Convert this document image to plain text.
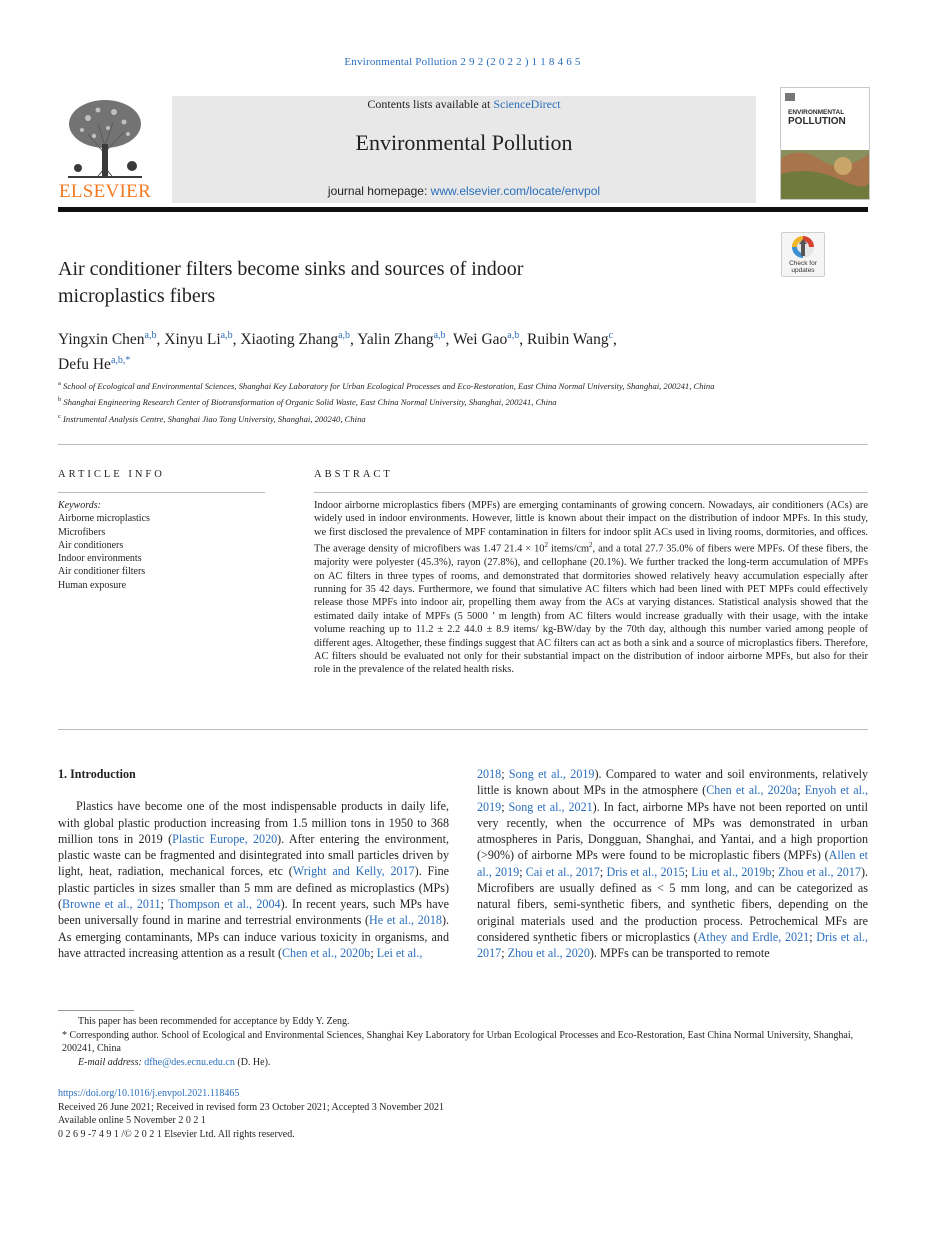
Environmental Pollution 2 9 2 (2 0 2 2 ) 1 1 8 4 6 5
ELSEVIER
Contents lists available at ScienceDirect
Environmental Pollution
journal homepage: www.elsevier.com/locate/envpol
ENVIRONMENTAL
POLLUTION
Check for updates
Air conditioner filters become sinks and sources of indoor
microplastics fibers
Yingxin Chen$^{a,b}$, Xinyu Li$^{a,b}$, Xiaoting Zhang$^{a,b}$, Yalin Zhang$^{a,b}$, Wei Gao$^{a,b}$, Ruibin Wang$^c$,
Defu $He^{a,b,*}$
$^a$ School of Ecological and Environmental Sciences, Shanghai Key Laboratory for Urban Ecological Processes and Eco-Restoration, East China Normal University, Shanghai, 200241, China
$^b$ Shanghai Engineering Research Center of Biotransformation of Organic Solid Waste, East China Normal University, Shanghai, 200241, China
$^c$ Instrumental Analysis Centre, Shanghai Jiao Tong University, Shanghai, 200240, China
ARTICLE INFO	ABSTRACT
Keywords:
Airborne microplastics
Microfibers
Air conditioners
Indoor environments
Air conditioner filters
Human exposure

Indoor airborne microplastics fibers (MPFs) are emerging contaminants of growing concern. Nowadays, air conditioners (ACs) are widely used in indoor environments. However, little is known about their impact on the distribution of indoor MPFs. In this study, we first disclosed the prevalence of MPF contamination in filters for indoor split ACs used in living rooms, dormitories, and offices. The average density of microfibers was 1.47 $21.4 \times 10^2$ items/$cm^2$, and a total 27.7 35.0% of fibers were MPFs. Of these fibers, the majority were polyester (45.3%), rayon (27.8%), and cellophane (20.1%). We further tracked the long-term accumulation of MPFs on AC filters in three types of rooms, and demonstrated that dormitories showed relatively heavy accumulation especially after running for 35 42 days. Furthermore, we found that simulative AC filters which had been lined with PET MPFs could effectively release those MPFs into indoor air, propelling them away from the ACs at varying distances. Statistical analysis showed that the estimated daily intake of MPFs (5 5000 ’ m length) from AC filters would increase gradually with their usage, with the intake volume reaching up to 11.2 ± 2.2 44.0 ± 8.9 items/ kg-BW/day by the 70th day, although this number varied among people of different ages. Altogether, these findings suggest that AC filters can act as both a sink and a source of microplastics fibers. Therefore, AC filters should be evaluated not only for their substantial impact on the distribution of indoor airborne MPFs, but also for their role in the prevalence of the related health risks.

1. Introduction

Plastics have become one of the most indispensable products in daily life, with global plastic production increasing from 1.5 million tons in 1950 to 368 million tons in 2019 (Plastic Europe, 2020). After entering the environment, plastic waste can be fragmented and disintegrated into small particles driven by light, heat, radiation, mechanical forces, etc (Wright and Kelly, 2017). Fine plastic particles in sizes smaller than 5 mm are defined as microplastics (MPs) (Browne et al., 2011; Thompson et al., 2004). In recent years, such MPs have been universally found in marine and terrestrial environments (He et al., 2018). As emerging contaminants, MPs can induce various toxicity in organisms, and have attracted increasing attention as a result (Chen et al., 2020b; Lei et al.,

2018; Song et al., 2019). Compared to water and soil environments, relatively little is known about MPs in the atmosphere (Chen et al., 2020a; Enyoh et al., 2019; Song et al., 2021). In fact, airborne MPs have not been reported on until very recently, when the occurrence of MPs was demonstrated in urban atmospheres in Paris, Dongguan, Shanghai, and Yantai, and a high proportion (>90%) of airborne MPs were found to be microplastic fibers (MPFs) (Allen et al., 2019; Cai et al., 2017; Dris et al., 2015; Liu et al., 2019b; Zhou et al., 2017). Microfibers are usually defined as < 5 mm long, and can be categorized as natural fibers, semi-synthetic fibers, and synthetic fibers, depending on the original materials used and the production process. Petrochemical MFs are considered synthetic fibers or microplastics (Athey and Erdle, 2021; Dris et al., 2017; Zhou et al., 2020). MPFs can be transported to remote

This paper has been recommended for acceptance by Eddy Y. Zeng.

* Corresponding author. School of Ecological and Environmental Sciences, Shanghai Key Laboratory for Urban Ecological Processes and Eco-Restoration, East China Normal University, Shanghai, 200241, China

E-mail address: dfhe@des.ecnu.edu.cn (D. He).

https://doi.org/10.1016/j.envpol.2021.118465

Received 26 June 2021; Received in revised form 23 October 2021; Accepted 3 November 2021

Available online 5 November 2 0 2 1

0 2 6 9 -7 4 9 1 /© 2 0 2 1 Elsevier Ltd. All rights reserved.
